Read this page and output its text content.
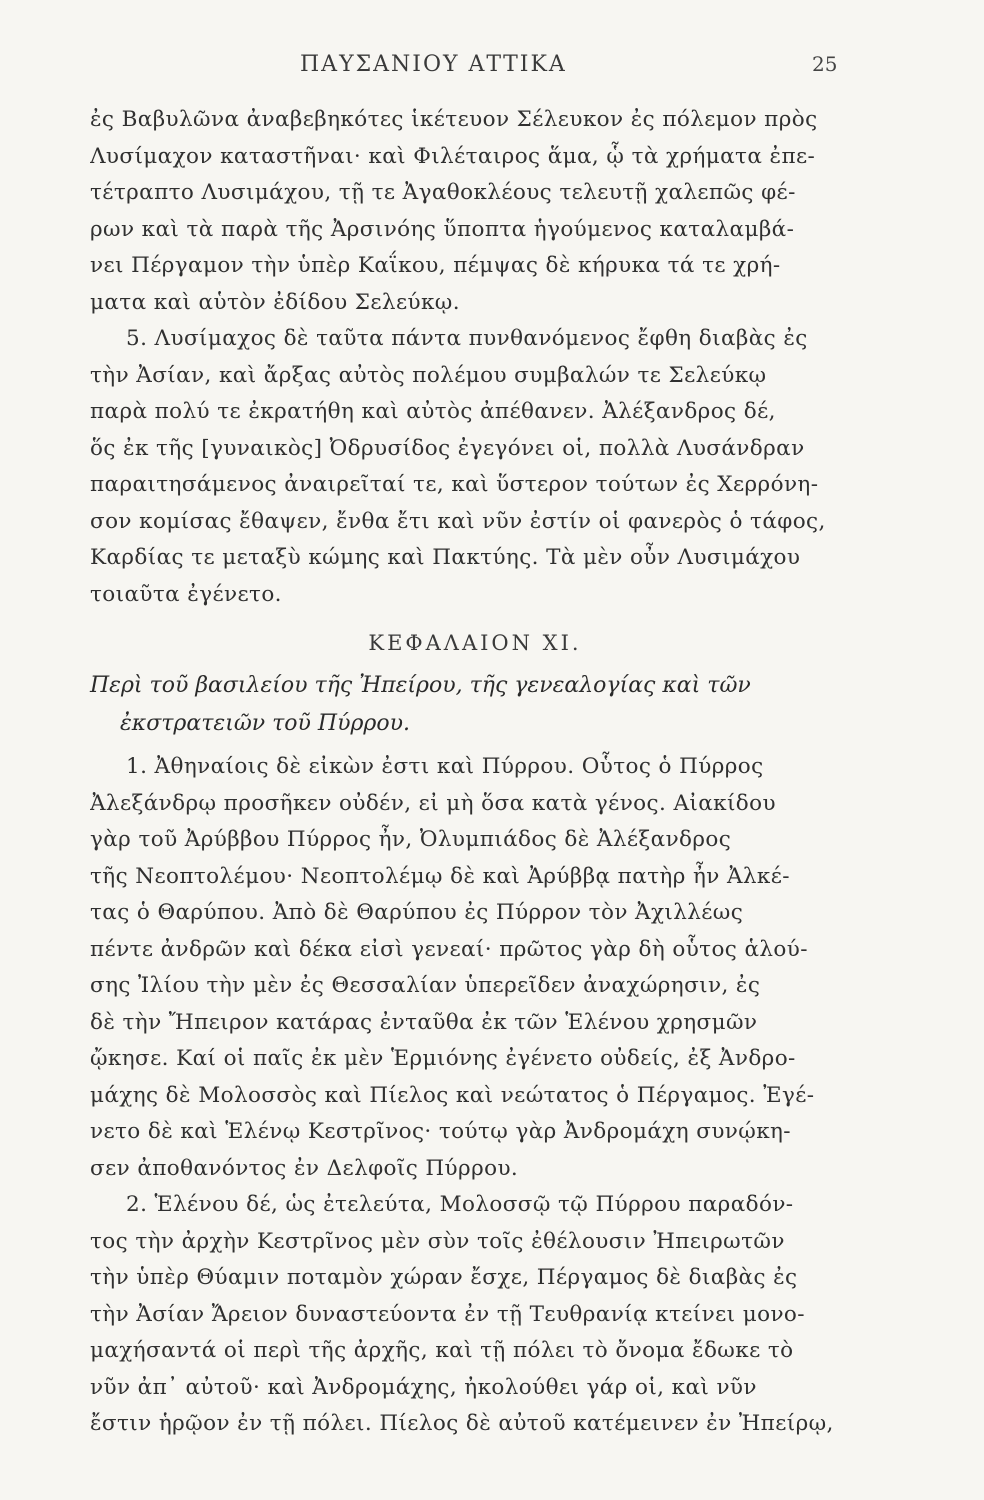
ΠΑΥΣΑΝΙΟΥ ΑΤΤΙΚΑ	25
ἐς Βαβυλῶνα ἀναβεβηκότες ἱκέτευον Σέλευκον ἐς πόλεμον πρὸς
Λυσίμαχον καταστῆναι· καὶ Φιλέταιρος ἅμα, ᾧ τὰ χρήματα ἐπε-
τέτραπτο Λυσιμάχου, τῇ τε Ἀγαθοκλέους τελευτῇ χαλεπῶς φέ-
ρων καὶ τὰ παρὰ τῆς Ἀρσινόης ὕποπτα ἡγούμενος καταλαμβά-
νει Πέργαμον τὴν ὑπὲρ Καΐκου, πέμψας δὲ κήρυκα τά τε χρή-
ματα καὶ αὑτὸν ἐδίδου Σελεύκῳ.
5. Λυσίμαχος δὲ ταῦτα πάντα πυνθανόμενος ἔφθη διαβὰς ἐς
τὴν Ἀσίαν, καὶ ἄρξας αὐτὸς πολέμου συμβαλών τε Σελεύκῳ
παρὰ πολύ τε ἐκρατήθη καὶ αὐτὸς ἀπέθανεν. Ἀλέξανδρος δέ,
ὅς ἐκ τῆς [γυναικὸς] Ὀδρυσίδος ἐγεγόνει οἱ, πολλὰ Λυσάνδραν
παραιτησάμενος ἀναιρεῖταί τε, καὶ ὕστερον τούτων ἐς Χερρόνη-
σον κομίσας ἔθαψεν, ἔνθα ἔτι καὶ νῦν ἐστίν οἱ φανερὸς ὁ τάφος,
Καρδίας τε μεταξὺ κώμης καὶ Πακτύης. Τὰ μὲν οὖν Λυσιμάχου
τοιαῦτα ἐγένετο.
ΚΕΦΑΛΑΙΟΝ XI.
Περὶ τοῦ βασιλείου τῆς Ἠπείρου, τῆς γενεαλογίας καὶ τῶν
ἐκστρατειῶν τοῦ Πύρρου.
1. Ἀθηναίοις δὲ εἰκὼν ἐστι καὶ Πύρρου. Οὗτος ὁ Πύρρος
Ἀλεξάνδρῳ προσῆκεν οὐδέν, εἰ μὴ ὅσα κατὰ γένος. Αἰακίδου
γὰρ τοῦ Ἀρύββου Πύρρος ἦν, Ὀλυμπιάδος δὲ Ἀλέξανδρος
τῆς Νεοπτολέμου· Νεοπτολέμῳ δὲ καὶ Ἀρύββᾳ πατὴρ ἦν Ἀλκέ-
τας ὁ Θαρύπου. Ἀπὸ δὲ Θαρύπου ἐς Πύρρον τὸν Ἀχιλλέως
πέντε ἀνδρῶν καὶ δέκα εἰσὶ γενεαί· πρῶτος γὰρ δὴ οὗτος ἁλού-
σης Ἰλίου τὴν μὲν ἐς Θεσσαλίαν ὑπερεῖδεν ἀναχώρησιν, ἐς
δὲ τὴν Ἤπειρον κατάρας ἐνταῦθα ἐκ τῶν Ἑλένου χρησμῶν
ᾤκησε. Καί οἱ παῖς ἐκ μὲν Ἑρμιόνης ἐγένετο οὐδείς, ἐξ Ἀνδρο-
μάχης δὲ Μολοσσὸς καὶ Πίελος καὶ νεώτατος ὁ Πέργαμος. Ἐγέ-
νετο δὲ καὶ Ἑλένῳ Κεστρῖνος· τούτῳ γὰρ Ἀνδρομάχη συνῴκη-
σεν ἀποθανόντος ἐν Δελφοῖς Πύρρου.
2. Ἑλένου δέ, ὡς ἐτελεύτα, Μολοσσῷ τῷ Πύρρου παραδόν-
τος τὴν ἀρχὴν Κεστρῖνος μὲν σὺν τοῖς ἐθέλουσιν Ἠπειρωτῶν
τὴν ὑπὲρ Θύαμιν ποταμὸν χώραν ἔσχε, Πέργαμος δὲ διαβὰς ἐς
τὴν Ἀσίαν Ἄρειον δυναστεύοντα ἐν τῇ Τευθρανίᾳ κτείνει μονο-
μαχήσαντά οἱ περὶ τῆς ἀρχῆς, καὶ τῇ πόλει τὸ ὄνομα ἔδωκε τὸ
νῦν ἀπ᾽ αὐτοῦ· καὶ Ἀνδρομάχης, ἠκολούθει γάρ οἱ, καὶ νῦν
ἔστιν ἡρῷον ἐν τῇ πόλει. Πίελος δὲ αὐτοῦ κατέμεινεν ἐν Ἠπείρῳ,
